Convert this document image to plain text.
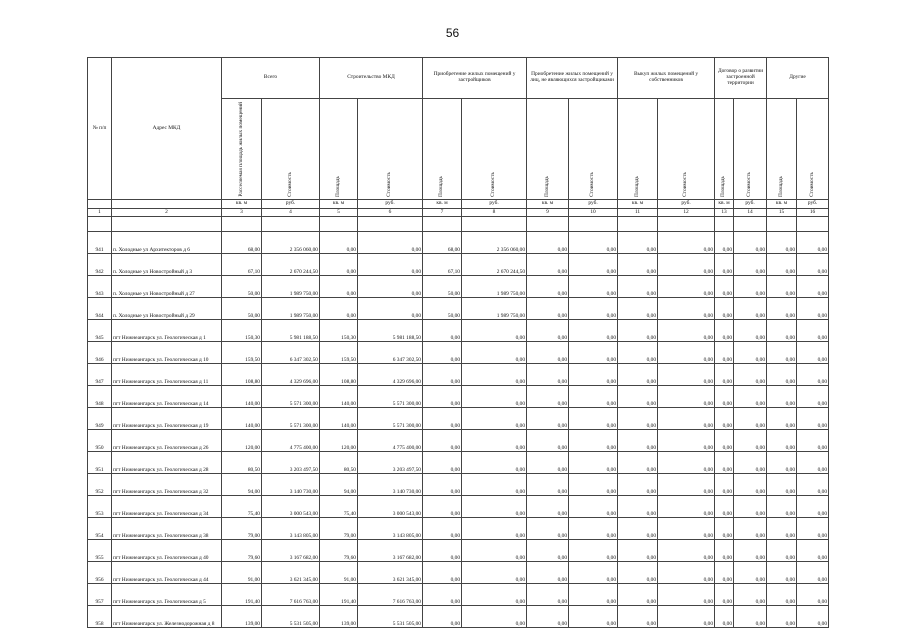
56
№ п/п	Адрес МКД	Всего		Строительство МКД		Приобретение жилых помещений у застройщиков		Приобретение жилых помещений у лиц, не являющихся застройщиками		Выкуп жилых помещений у собственников		Договор о развитии застроенной территории		Другие	
		Расселяемая площадь жилых помещений	Стоимость	Площадь	Стоимость	Площадь	Стоимость	Площадь	Стоимость	Площадь	Стоимость	Площадь	Стоимость	Площадь	Стоимость
		кв. м	руб.	кв. м	руб.	кв. м	руб.	кв. м	руб.	кв. м	руб.	кв. м	руб.	кв. м	руб.
1	2	3	4	5	6	7	8	9	10	11	12	13	14	15	16

941	п. Холодные ул Архитекторов д 6	68,00	2 356 060,00	0,00	0,00	68,00	2 356 060,00	0,00	0,00	0,00	0,00	0,00	0,00	0,00	0,00
942	п. Холодные ул Новостройный д 3	67,10	2 670 244,50	0,00	0,00	67,10	2 670 244,50	0,00	0,00	0,00	0,00	0,00	0,00	0,00	0,00
943	п. Холодные ул Новостройный д 27	50,00	1 989 750,00	0,00	0,00	50,00	1 989 750,00	0,00	0,00	0,00	0,00	0,00	0,00	0,00	0,00
944	п. Холодные ул Новостройный д 29	50,00	1 989 750,00	0,00	0,00	50,00	1 989 750,00	0,00	0,00	0,00	0,00	0,00	0,00	0,00	0,00
945	пгт Нижнеангарск ул. Геологическая д 1	150,30	5 981 188,50	150,30	5 981 188,50	0,00	0,00	0,00	0,00	0,00	0,00	0,00	0,00	0,00	0,00
946	пгт Нижнеангарск ул. Геологическая д 10	159,50	6 347 302,50	159,50	6 347 302,50	0,00	0,00	0,00	0,00	0,00	0,00	0,00	0,00	0,00	0,00
947	пгт Нижнеангарск ул. Геологическая д 11	108,80	4 329 696,00	108,80	4 329 696,00	0,00	0,00	0,00	0,00	0,00	0,00	0,00	0,00	0,00	0,00
948	пгт Нижнеангарск ул. Геологическая д 14	140,00	5 571 300,00	140,00	5 571 300,00	0,00	0,00	0,00	0,00	0,00	0,00	0,00	0,00	0,00	0,00
949	пгт Нижнеангарск ул. Геологическая д 19	140,00	5 571 300,00	140,00	5 571 300,00	0,00	0,00	0,00	0,00	0,00	0,00	0,00	0,00	0,00	0,00
950	пгт Нижнеангарск ул. Геологическая д 26	120,00	4 775 400,00	120,00	4 775 400,00	0,00	0,00	0,00	0,00	0,00	0,00	0,00	0,00	0,00	0,00
951	пгт Нижнеангарск ул. Геологическая д 28	80,50	3 203 497,50	80,50	3 203 497,50	0,00	0,00	0,00	0,00	0,00	0,00	0,00	0,00	0,00	0,00
952	пгт Нижнеангарск ул. Геологическая д 32	94,00	3 140 730,00	94,00	3 140 730,00	0,00	0,00	0,00	0,00	0,00	0,00	0,00	0,00	0,00	0,00
953	пгт Нижнеангарск ул. Геологическая д 34	75,40	3 000 543,00	75,40	3 000 543,00	0,00	0,00	0,00	0,00	0,00	0,00	0,00	0,00	0,00	0,00
954	пгт Нижнеангарск ул. Геологическая д 38	79,00	3 143 805,00	79,00	3 143 805,00	0,00	0,00	0,00	0,00	0,00	0,00	0,00	0,00	0,00	0,00
955	пгт Нижнеангарск ул. Геологическая д 40	79,60	3 167 682,00	79,60	3 167 682,00	0,00	0,00	0,00	0,00	0,00	0,00	0,00	0,00	0,00	0,00
956	пгт Нижнеангарск ул. Геологическая д 44	91,00	3 621 345,00	91,00	3 621 345,00	0,00	0,00	0,00	0,00	0,00	0,00	0,00	0,00	0,00	0,00
957	пгт Нижнеангарск ул. Геологическая д 5	191,40	7 616 763,00	191,40	7 616 763,00	0,00	0,00	0,00	0,00	0,00	0,00	0,00	0,00	0,00	0,00
958	пгт Нижнеангарск ул. Железнодорожная д 8	139,00	5 531 505,00	139,00	5 531 505,00	0,00	0,00	0,00	0,00	0,00	0,00	0,00	0,00	0,00	0,00
